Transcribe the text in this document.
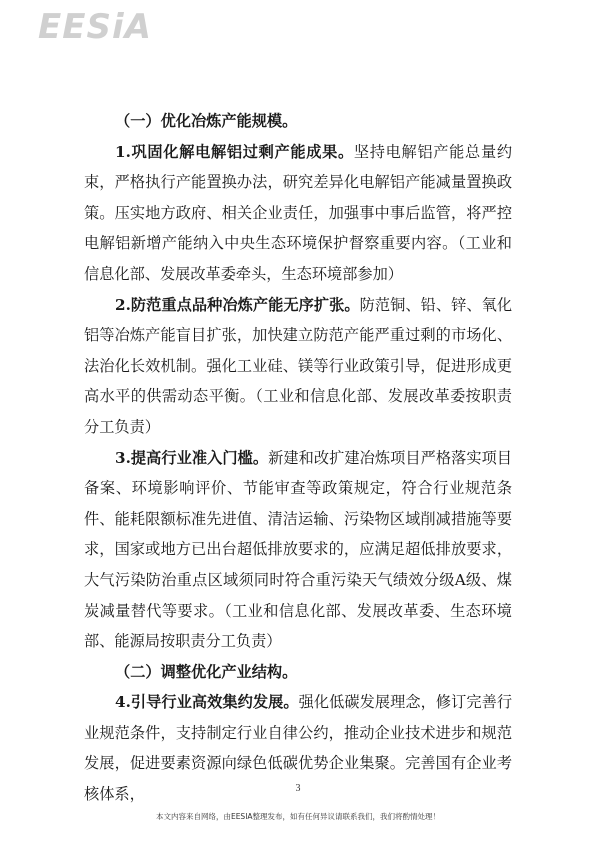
EESiA
（一）优化冶炼产能规模。
1.巩固化解电解铝过剩产能成果。坚持电解铝产能总量约束，严格执行产能置换办法，研究差异化电解铝产能减量置换政策。压实地方政府、相关企业责任，加强事中事后监管，将严控电解铝新增产能纳入中央生态环境保护督察重要内容。（工业和信息化部、发展改革委牵头，生态环境部参加）
2.防范重点品种冶炼产能无序扩张。防范铜、铅、锌、氧化铝等冶炼产能盲目扩张，加快建立防范产能严重过剩的市场化、法治化长效机制。强化工业硅、镁等行业政策引导，促进形成更高水平的供需动态平衡。（工业和信息化部、发展改革委按职责分工负责）
3.提高行业准入门槛。新建和改扩建冶炼项目严格落实项目备案、环境影响评价、节能审查等政策规定，符合行业规范条件、能耗限额标准先进值、清洁运输、污染物区域削减措施等要求，国家或地方已出台超低排放要求的，应满足超低排放要求，大气污染防治重点区域须同时符合重污染天气绩效分级A级、煤炭减量替代等要求。（工业和信息化部、发展改革委、生态环境部、能源局按职责分工负责）
（二）调整优化产业结构。
4.引导行业高效集约发展。强化低碳发展理念，修订完善行业规范条件，支持制定行业自律公约，推动企业技术进步和规范发展，促进要素资源向绿色低碳优势企业集聚。完善国有企业考核体系，	3
本文内容来自网络，由EESIA整理发布，如有任何异议请联系我们，我们将酌情处理！
